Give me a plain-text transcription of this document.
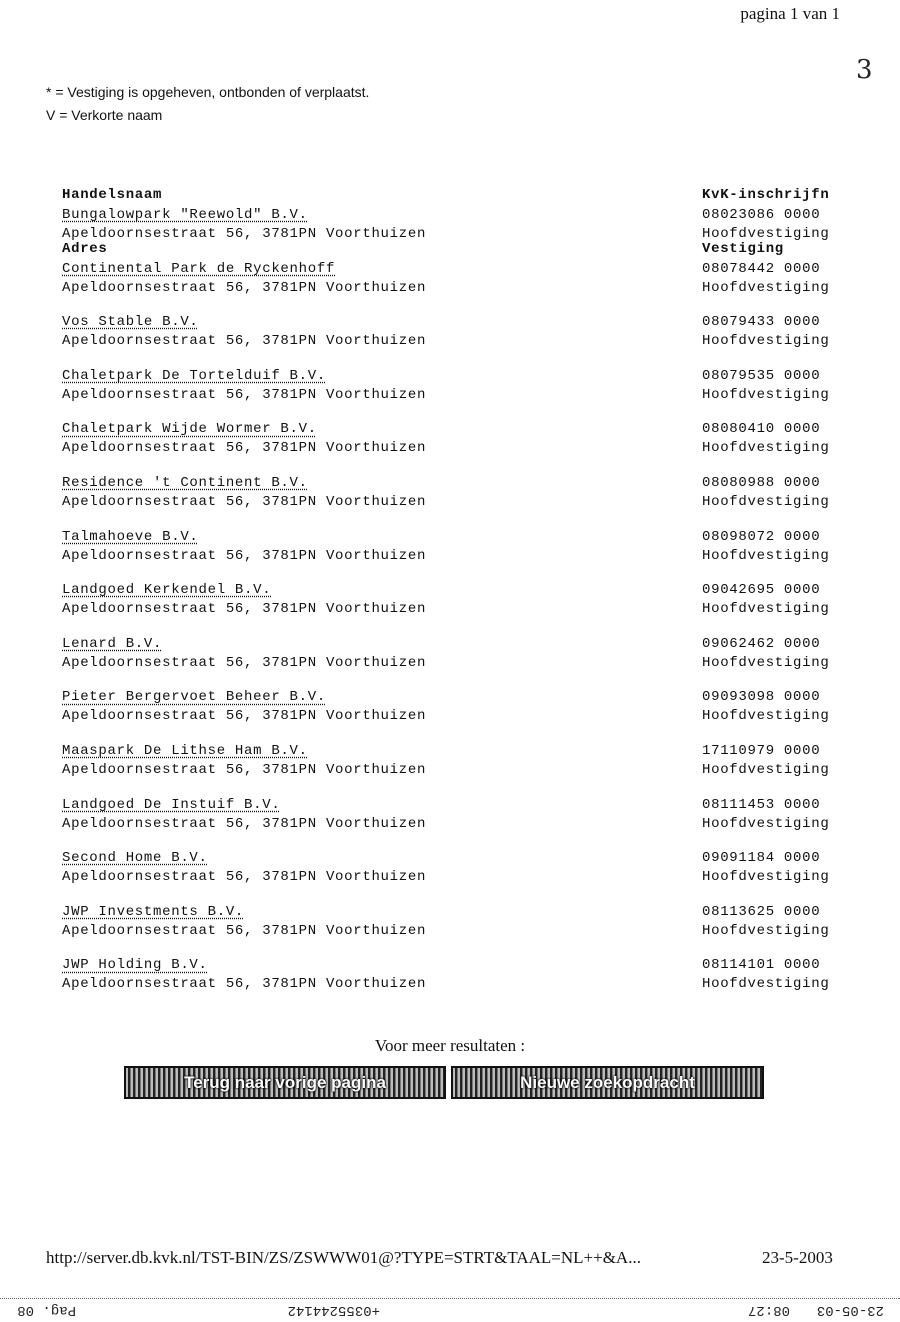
pagina 1 van 1
3
* = Vestiging is opgeheven, ontbonden of verplaatst.
V = Verkorte naam

Handelsnaam

Adres

KvK-inschrijfn

Vestiging

Bungalowpark "Reewold" B.V.
Apeldoornsestraat 56, 3781PN Voorthuizen
08023086 0000
Hoofdvestiging
Continental Park de Ryckenhoff
Apeldoornsestraat 56, 3781PN Voorthuizen
08078442 0000
Hoofdvestiging
Vos Stable B.V.
Apeldoornsestraat 56, 3781PN Voorthuizen
08079433 0000
Hoofdvestiging
Chaletpark De Tortelduif B.V.
Apeldoornsestraat 56, 3781PN Voorthuizen
08079535 0000
Hoofdvestiging
Chaletpark Wijde Wormer B.V.
Apeldoornsestraat 56, 3781PN Voorthuizen
08080410 0000
Hoofdvestiging
Residence 't Continent B.V.
Apeldoornsestraat 56, 3781PN Voorthuizen
08080988 0000
Hoofdvestiging
Talmahoeve B.V.
Apeldoornsestraat 56, 3781PN Voorthuizen
08098072 0000
Hoofdvestiging
Landgoed Kerkendel B.V.
Apeldoornsestraat 56, 3781PN Voorthuizen
09042695 0000
Hoofdvestiging
Lenard B.V.
Apeldoornsestraat 56, 3781PN Voorthuizen
09062462 0000
Hoofdvestiging
Pieter Bergervoet Beheer B.V.
Apeldoornsestraat 56, 3781PN Voorthuizen
09093098 0000
Hoofdvestiging
Maaspark De Lithse Ham B.V.
Apeldoornsestraat 56, 3781PN Voorthuizen
17110979 0000
Hoofdvestiging
Landgoed De Instuif B.V.
Apeldoornsestraat 56, 3781PN Voorthuizen
08111453 0000
Hoofdvestiging
Second Home B.V.
Apeldoornsestraat 56, 3781PN Voorthuizen
09091184 0000
Hoofdvestiging
JWP Investments B.V.
Apeldoornsestraat 56, 3781PN Voorthuizen
08113625 0000
Hoofdvestiging
JWP Holding B.V.
Apeldoornsestraat 56, 3781PN Voorthuizen
08114101 0000
Hoofdvestiging
Voor meer resultaten :
Terug naar vorige pagina	Nieuwe zoekopdracht
http://server.db.kvk.nl/TST-BIN/ZS/ZSWWW01@?TYPE=STRT&TAAL=NL++&A...	23-5-2003
23-05-03
08:27
+0355244142
Pag. 08
